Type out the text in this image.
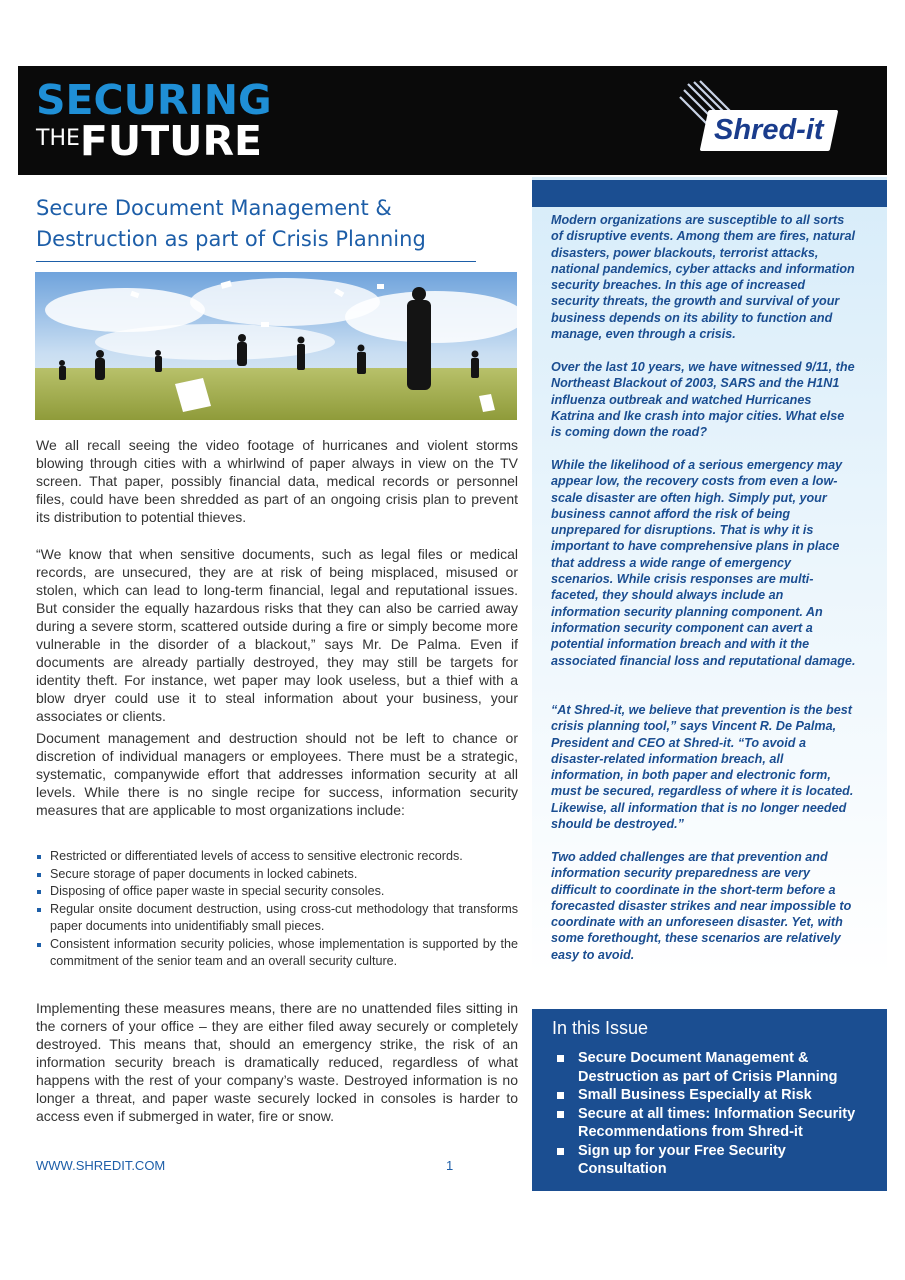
SECURING
THEFUTURE	Shred-it
Secure Document Management & Destruction as part of Crisis Planning

We all recall seeing the video footage of hurricanes and violent storms blowing through cities with a whirlwind of paper always in view on the TV screen. That paper, possibly financial data, medical records or personnel files, could have been shredded as part of an ongoing crisis plan to prevent its distribution to potential thieves.

“We know that when sensitive documents, such as legal files or medical records, are unsecured, they are at risk of being misplaced, misused or stolen, which can lead to long-term financial, legal and reputational issues. But consider the equally hazardous risks that they can also be carried away during a severe storm, scattered outside during a fire or simply become more vulnerable in the disorder of a blackout,” says Mr. De Palma. Even if documents are already partially destroyed, they may still be targets for identity theft. For instance, wet paper may look useless, but a thief with a blow dryer could use it to steal information about your business, your associates or clients.

Document management and destruction should not be left to chance or discretion of individual managers or employees. There must be a strategic, systematic, companywide effort that addresses information security at all levels. While there is no single recipe for success, information security measures that are applicable to most organizations include:

Restricted or differentiated levels of access to sensitive electronic records.
Secure storage of paper documents in locked cabinets.
Disposing of office paper waste in special security consoles.
Regular onsite document destruction, using cross-cut methodology that transforms paper documents into unidentifiably small pieces.
Consistent information security policies, whose implementation is supported by the commitment of the senior team and an overall security culture.

Implementing these measures means, there are no unattended files sitting in the corners of your office – they are either filed away securely or completely destroyed. This means that, should an emergency strike, the risk of an information security breach is dramatically reduced, regardless of what happens with the rest of your company’s waste. Destroyed information is no longer a threat, and paper waste securely locked in consoles is harder to access even if submerged in water, fire or snow.

WWW.SHREDIT.COM	1

Modern organizations are susceptible to all sorts of disruptive events. Among them are fires, natural disasters, power blackouts, terrorist attacks, national pandemics, cyber attacks and information security breaches. In this age of increased security threats, the growth and survival of your business depends on its ability to function and manage, even through a crisis.

Over the last 10 years, we have witnessed 9/11, the Northeast Blackout of 2003, SARS and the H1N1 influenza outbreak and watched Hurricanes Katrina and Ike crash into major cities. What else is coming down the road?

While the likelihood of a serious emergency may appear low, the recovery costs from even a low-scale disaster are often high. Simply put, your business cannot afford the risk of being unprepared for disruptions. That is why it is important to have comprehensive plans in place that address a wide range of emergency scenarios. While crisis responses are multi-faceted, they should always include an information security planning component. An information security component can avert a potential information breach and with it the associated financial loss and reputational damage.

“At Shred-it, we believe that prevention is the best crisis planning tool,” says Vincent R. De Palma, President and CEO at Shred-it. “To avoid a disaster-related information breach, all information, in both paper and electronic form, must be secured, regardless of where it is located. Likewise, all information that is no longer needed should be destroyed.”

Two added challenges are that prevention and information security preparedness are very difficult to coordinate in the short-term before a forecasted disaster strikes and near impossible to coordinate with an unforeseen disaster. Yet, with some forethought, these scenarios are relatively easy to avoid.

In this Issue
Secure Document Management & Destruction as part of Crisis Planning
Small Business Especially at Risk
Secure at all times: Information Security Recommendations from Shred-it
Sign up for your Free Security Consultation
